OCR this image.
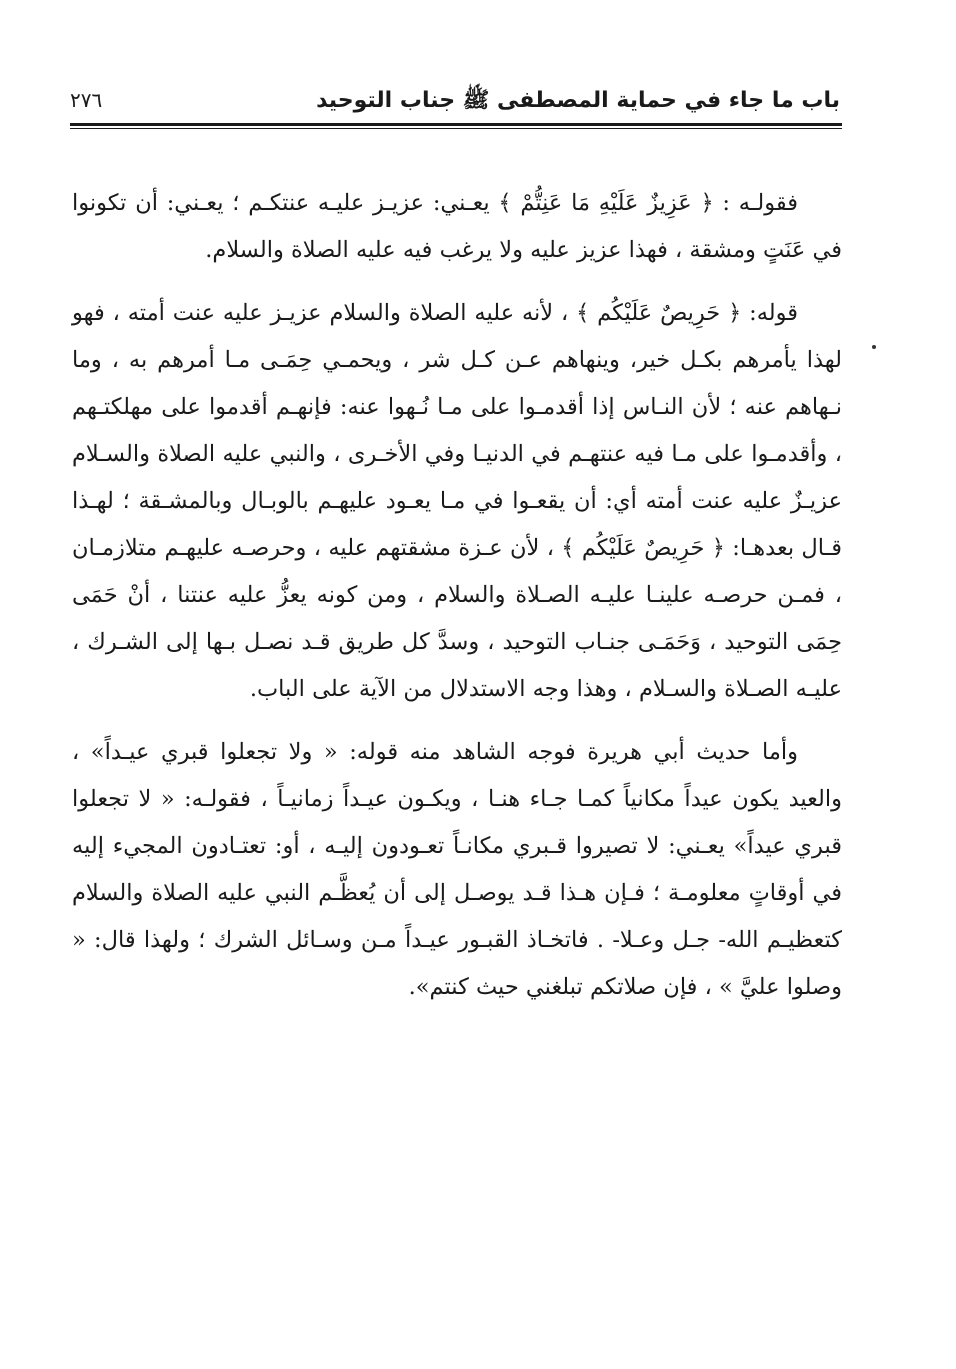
باب ما جاء في حماية المصطفى ﷺ جناب التوحيد
٢٧٦

فقولـه : ﴿ عَزِيزٌ عَلَيْهِ مَا عَنِتُّمْ ﴾ يعـني: عزيـز عليـه عنتكـم ؛ يعـني: أن تكونوا في عَنَتٍ ومشقة ، فهذا عزيز عليه ولا يرغب فيه عليه الصلاة والسلام.

قوله: ﴿ حَرِيصٌ عَلَيْكُم ﴾ ، لأنه عليه الصلاة والسلام عزيـز عليه عنت أمته ، فهو لهذا يأمرهم بكـل خير، وينهاهم عـن كـل شر ، ويحمـي حِمَـى مـا أمرهم به ، وما نـهاهم عنه ؛ لأن النـاس إذا أقدمـوا على مـا نُـهوا عنه: فإنهـم أقدموا على مهلكتـهم ، وأقدمـوا على مـا فيه عنتهـم في الدنيـا وفي الأخـرى ، والنبي عليه الصلاة والسـلام عزيـزٌ عليه عنت أمته أي: أن يقعـوا في مـا يعـود عليهـم بالوبـال وبالمشـقة ؛ لهـذا قـال بعدهـا: ﴿ حَرِيصٌ عَلَيْكُم ﴾ ، لأن عـزة مشقتهم عليه ، وحرصـه عليهـم متلازمـان ، فمـن حرصـه علينـا عليـه الصـلاة والسلام ، ومن كونه يعزُّ عليه عنتنا ، أنْ حَمَى حِمَى التوحيد ، وَحَمَـى جنـاب التوحيد ، وسدَّ كل طريق قـد نصـل بـها إلى الشـرك ، عليـه الصـلاة والسـلام ، وهذا وجه الاستدلال من الآية على الباب.

وأما حديث أبي هريرة فوجه الشاهد منه قوله: « ولا تجعلوا قبري عيـداً» ، والعيد يكون عيداً مكانياً كمـا جـاء هنـا ، ويكـون عيـداً زمانيـاً ، فقولـه: « لا تجعلوا قبري عيداً» يعـني: لا تصيروا قـبري مكانـاً تعـودون إليـه ، أو: تعتـادون المجيء إليه في أوقاتٍ معلومـة ؛ فـإن هـذا قـد يوصـل إلى أن يُعظَّـم النبي عليه الصلاة والسلام كتعظيـم الله- جـل وعـلا- . فاتخـاذ القبـور عيـداً مـن وسـائل الشرك ؛ ولهذا قال: « وصلوا عليَّ » ، فإن صلاتكم تبلغني حيث كنتم».
